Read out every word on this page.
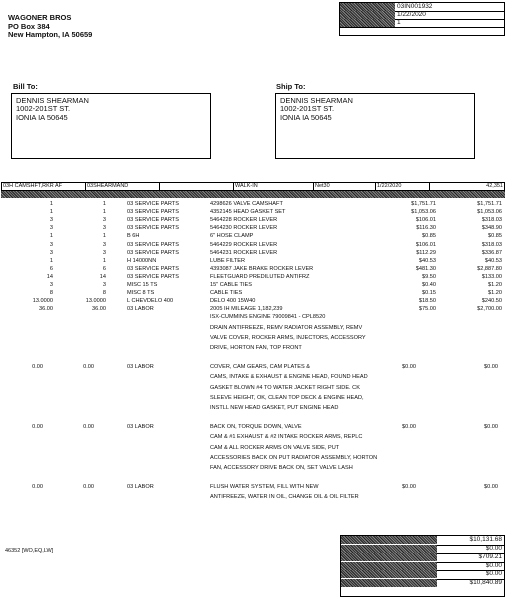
WAGONER BROS
PO Box 384
New Hampton, IA 50659
03IN001932
1/22/2020
1
Bill To:
DENNIS SHEARMAN
1002-201ST ST.
IONIA IA 50645
Ship To:
DENNIS SHEARMAN
1002-201ST ST.
IONIA IA 50645
03H CAMSHFT,RKR AF	03SHEARMAND	WALK-IN	Net30	1/22/2020	42,351
1	1	03 SERVICE PARTS	4298626 VALVE CAMSHAFT	$1,751.71	$1,751.71
1	1	03 SERVICE PARTS	4352145 HEAD GASKET SET	$1,053.06	$1,053.06
3	3	03 SERVICE PARTS	5464228 ROCKER LEVER	$106.01	$318.03
3	3	03 SERVICE PARTS	5464230 ROCKER LEVER	$116.30	$348.90
1	1	B 6H	6" HOSE CLAMP	$0.85	$0.85
3	3	03 SERVICE PARTS	5464229 ROCKER LEVER	$106.01	$318.03
3	3	03 SERVICE PARTS	5464231 ROCKER LEVER	$112.29	$336.87
1	1	H 14000NN	LUBE FILTER	$40.53	$40.53
6	6	03 SERVICE PARTS	4393087 JAKE BRAKE ROCKER LEVER	$481.30	$2,887.80
14	14	03 SERVICE PARTS	FLEETGUARD PREDILUTED ANTIFRZ	$9.50	$133.00
3	3	MISC 15 TS	15" CABLE TIES	$0.40	$1.20
8	8	MISC 8 TS	CABLE TIES	$0.15	$1.20
13.0000	13.0000	L CHEVDELO 400	DELO 400 15W40	$18.50	$240.50
36.00	36.00	03 LABOR	2005 IH MILEAGE 1,182,239	$75.00	$2,700.00
ISX-CUMMINS ENGINE 79009841 - CPL8520
DRAIN ANTIFREEZE, REMV RADIATOR ASSEMBLY, REMV
VALVE COVER, ROCKER ARMS, INJECTORS, ACCESSORY
DRIVE, HORTON FAN, TOP FRONT
0.00	0.00	03 LABOR	$0.00	$0.00
COVER, CAM GEARS, CAM PLATES &
CAMS, INTAKE & EXHAUST & ENGINE HEAD, FOUND HEAD
GASKET BLOWN #4 TO WATER JACKET RIGHT SIDE. CK
SLEEVE HEIGHT, OK, CLEAN TOP DECK & ENGINE HEAD,
INSTLL NEW HEAD GASKET, PUT ENGINE HEAD
0.00	0.00	03 LABOR	$0.00	$0.00
BACK ON, TORQUE DOWN, VALVE
CAM & #1 EXHAUST & #2 INTAKE ROCKER ARMS, REPLC
CAM & ALL ROCKER ARMS ON VALVE SIDE, PUT
ACCESSORIES BACK ON PUT RADIATOR ASSEMBLY, HORTON
FAN, ACCESSORY DRIVE BACK ON, SET VALVE LASH
0.00	0.00	03 LABOR	$0.00	$0.00
FLUSH WATER SYSTEM, FILL WITH NEW
ANTIFREEZE, WATER IN OIL, CHANGE OIL & OIL FILTER
46352 [WO,EQ,LW]
$10,131.68
$0.00
$709.21
$0.00
$0.00
$10,840.89
